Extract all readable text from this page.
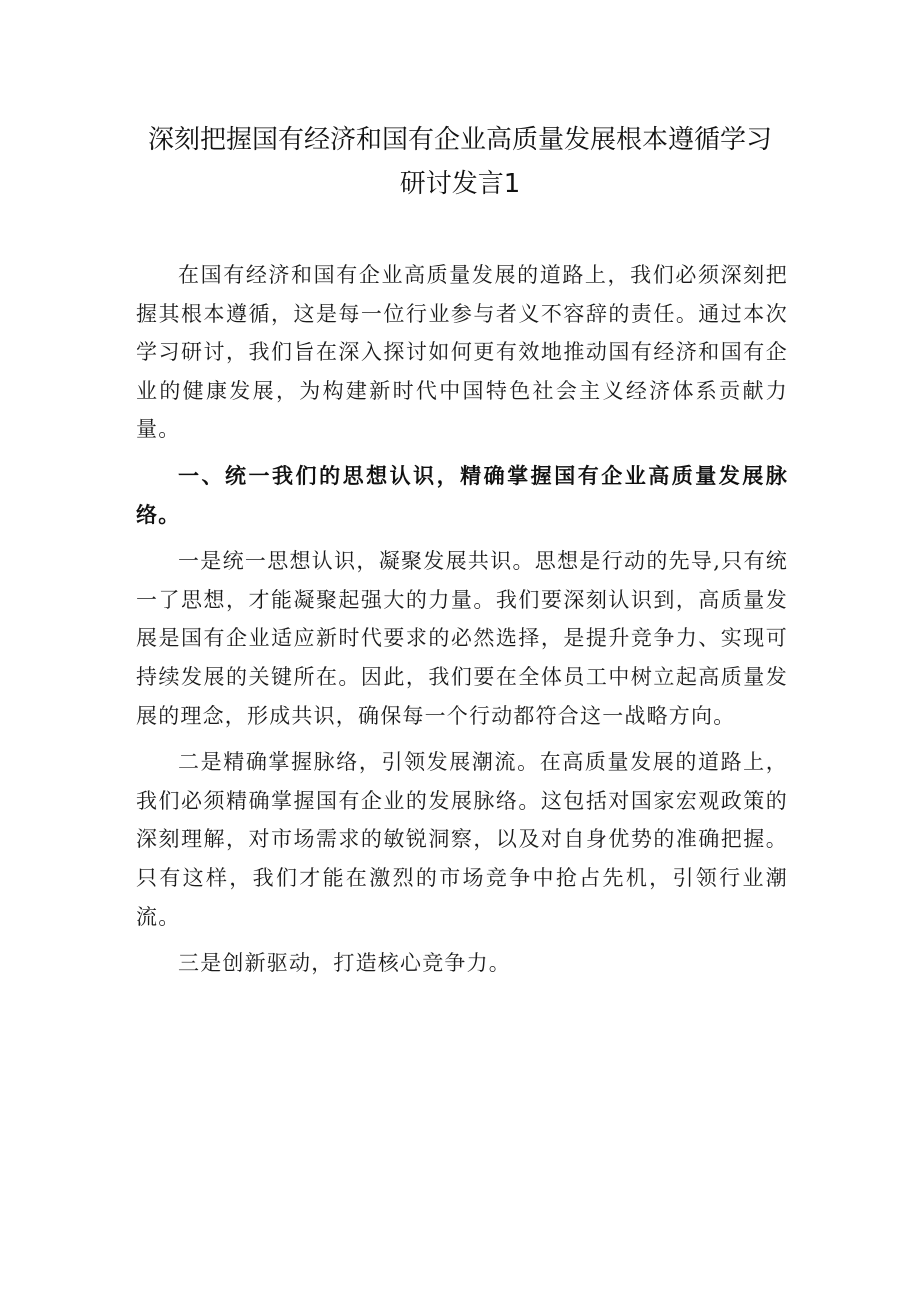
深刻把握国有经济和国有企业高质量发展根本遵循学习研讨发言1

在国有经济和国有企业高质量发展的道路上，我们必须深刻把握其根本遵循，这是每一位行业参与者义不容辞的责任。通过本次学习研讨，我们旨在深入探讨如何更有效地推动国有经济和国有企业的健康发展，为构建新时代中国特色社会主义经济体系贡献力量。

一、统一我们的思想认识，精确掌握国有企业高质量发展脉络。

一是统一思想认识，凝聚发展共识。思想是行动的先导,只有统一了思想，才能凝聚起强大的力量。我们要深刻认识到，高质量发展是国有企业适应新时代要求的必然选择，是提升竞争力、实现可持续发展的关键所在。因此，我们要在全体员工中树立起高质量发展的理念，形成共识，确保每一个行动都符合这一战略方向。

二是精确掌握脉络，引领发展潮流。在高质量发展的道路上，我们必须精确掌握国有企业的发展脉络。这包括对国家宏观政策的深刻理解，对市场需求的敏锐洞察，以及对自身优势的准确把握。只有这样，我们才能在激烈的市场竞争中抢占先机，引领行业潮流。

三是创新驱动，打造核心竞争力。
